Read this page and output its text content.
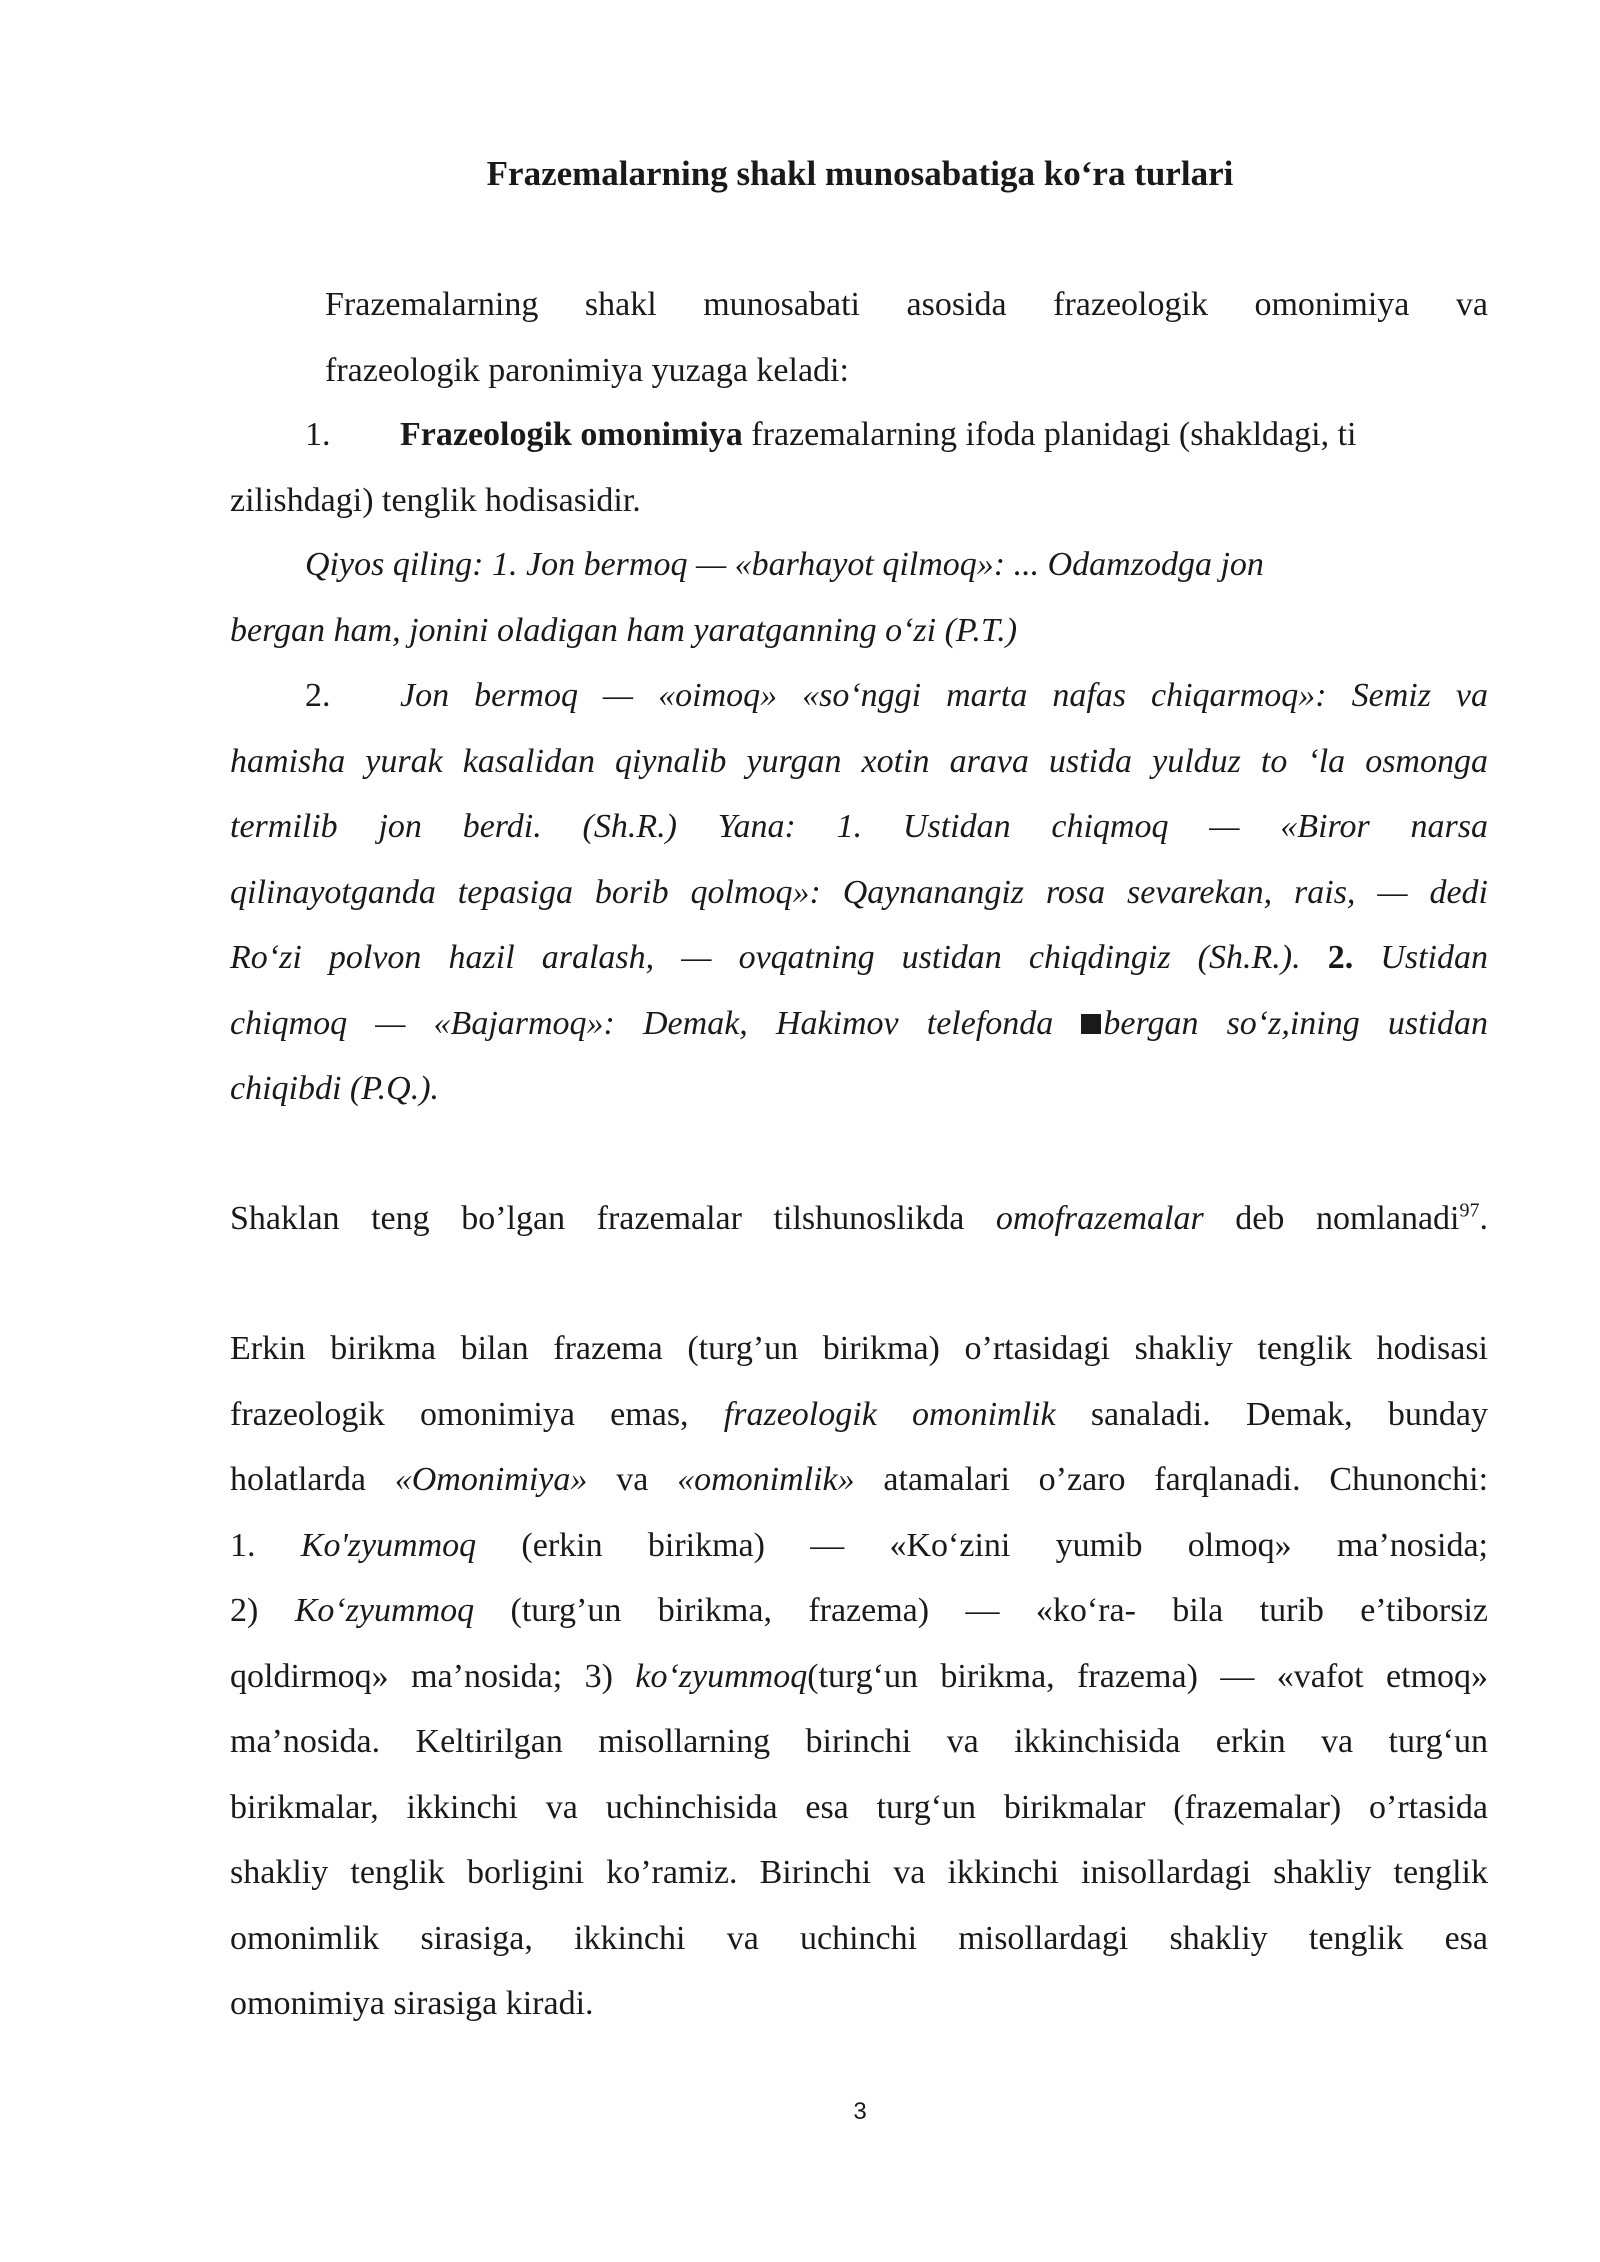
Frazemalarning shakl munosabatiga ko‘ra turlari
Frazemalarning shakl munosabati asosida frazeologik omonimiya va
frazeologik paronimiya yuzaga keladi:
1. Frazeologik omonimiya frazemalarning ifoda planidagi (shakldagi, ti
zilishdagi) tenglik hodisasidir.
Qiyos qiling: 1. Jon bermoq — «barhayot qilmoq»: ... Odamzodga jon
bergan ham, jonini oladigan ham yaratganning o‘zi (P.T.)
2. Jon bermoq — «oimoq» «so‘nggi marta nafas chiqarmoq»: Semiz va
hamisha yurak kasalidan qiynalib yurgan xotin arava ustida yulduz to ‘la osmonga
termilib jon berdi. (Sh.R.) Yana: 1. Ustidan chiqmoq — «Biror narsa
qilinayotganda tepasiga borib qolmoq»: Qaynanangiz rosa sevarekan, rais, — dedi
Ro‘zi polvon hazil aralash, — ovqatning ustidan chiqdingiz (Sh.R.). 2. Ustidan
chiqmoq — «Bajarmoq»: Demak, Hakimov telefonda bergan so‘z,ining ustidan
chiqibdi (P.Q.).
Shaklan teng bo’lgan frazemalar tilshunoslikda omofrazemalar deb nomlanadi$^{97}$.
Erkin birikma bilan frazema (turg’un birikma) o’rtasidagi shakliy tenglik hodisasi
frazeologik omonimiya emas, frazeologik omonimlik sanaladi. Demak, bunday
holatlarda «Omonimiya» va «omonimlik» atamalari o’zaro farqlanadi. Chunonchi:
1. Ko'zyummoq (erkin birikma) — «Ko‘zini yumib olmoq» ma’nosida;
2) Ko‘zyummoq (turg’un birikma, frazema) — «ko‘ra- bila turib e’tiborsiz
qoldirmoq» ma’nosida; 3) ko‘zyummoq(turg‘un birikma, frazema) — «vafot etmoq»
ma’nosida. Keltirilgan misollarning birinchi va ikkinchisida erkin va turg‘un
birikmalar, ikkinchi va uchinchisida esa turg‘un birikmalar (frazemalar) o’rtasida
shakliy tenglik borligini ko’ramiz. Birinchi va ikkinchi inisollardagi shakliy tenglik
omonimlik sirasiga, ikkinchi va uchinchi misollardagi shakliy tenglik esa
omonimiya sirasiga kiradi.
3
